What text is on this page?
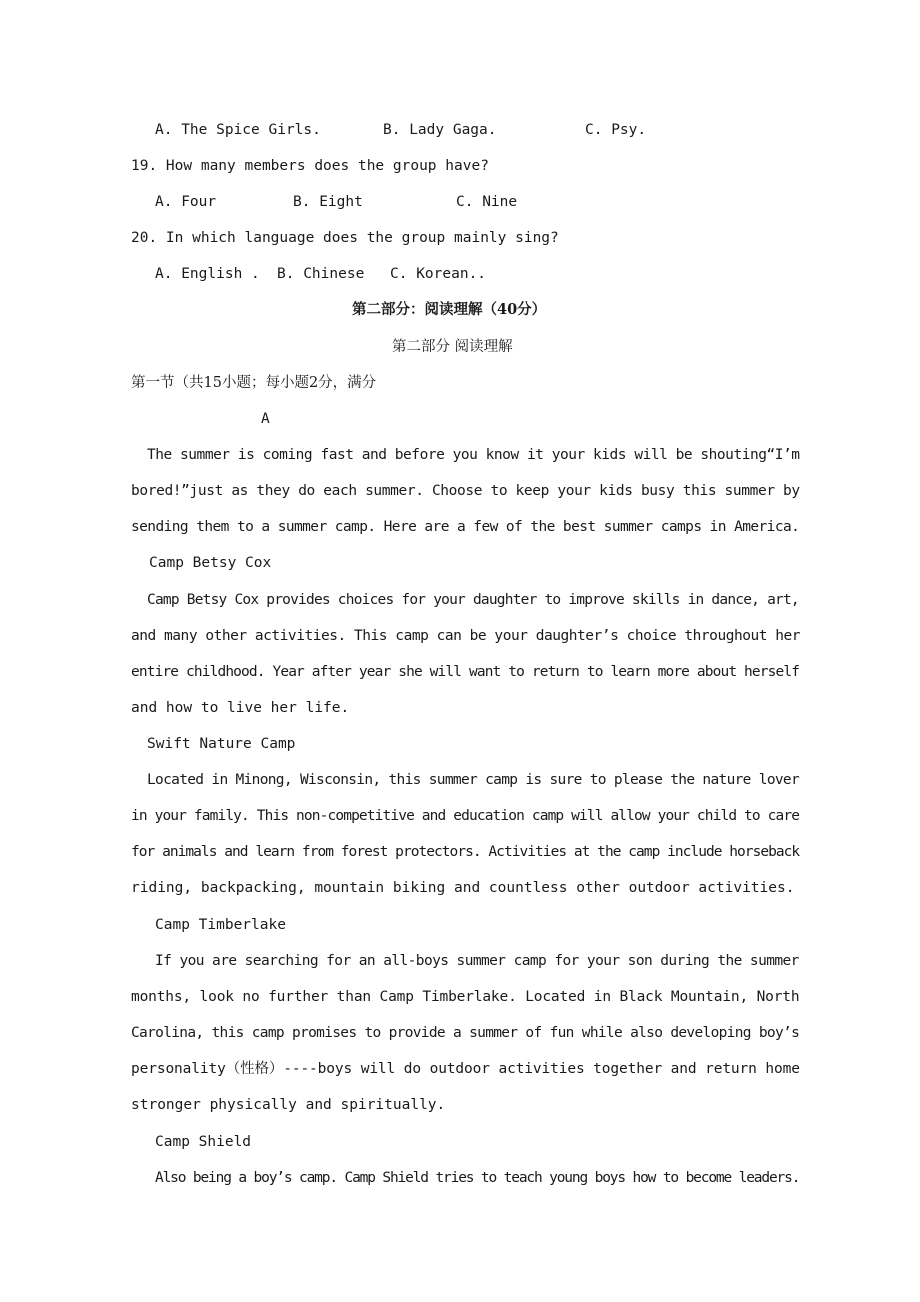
A. The Spice Girls.	B. Lady Gaga.	C. Psy.
19. How many members does the group have?
A. Four	B. Eight	C. Nine
20. In which language does the group mainly sing?
A. English . B. Chinese C. Korean..
第二部分：阅读理解（40分）
第二部分 阅读理解
第一节（共15小题；每小题2分，满分
A
The summer is coming fast and before you know it your kids will be shouting“I’m
bored!”just as they do each summer. Choose to keep your kids busy this summer by
sending them to a summer camp. Here are a few of the best summer camps in America.
Camp Betsy Cox
Camp Betsy Cox provides choices for your daughter to improve skills in dance, art,
and many other activities. This camp can be your daughter’s choice throughout her
entire childhood. Year after year she will want to return to learn more about herself
and how to live her life.
Swift Nature Camp
Located in Minong, Wisconsin, this summer camp is sure to please the nature lover
in your family. This non-competitive and education camp will allow your child to care
for animals and learn from forest protectors. Activities at the camp include horseback
riding, backpacking, mountain biking and countless other outdoor activities.
Camp Timberlake
If you are searching for an all-boys summer camp for your son during the summer
months, look no further than Camp Timberlake. Located in Black Mountain, North
Carolina, this camp promises to provide a summer of fun while also developing boy’s
personality（性格）----boys will do outdoor activities together and return home
stronger physically and spiritually.
Camp Shield
Also being a boy’s camp. Camp Shield tries to teach young boys how to become leaders.
